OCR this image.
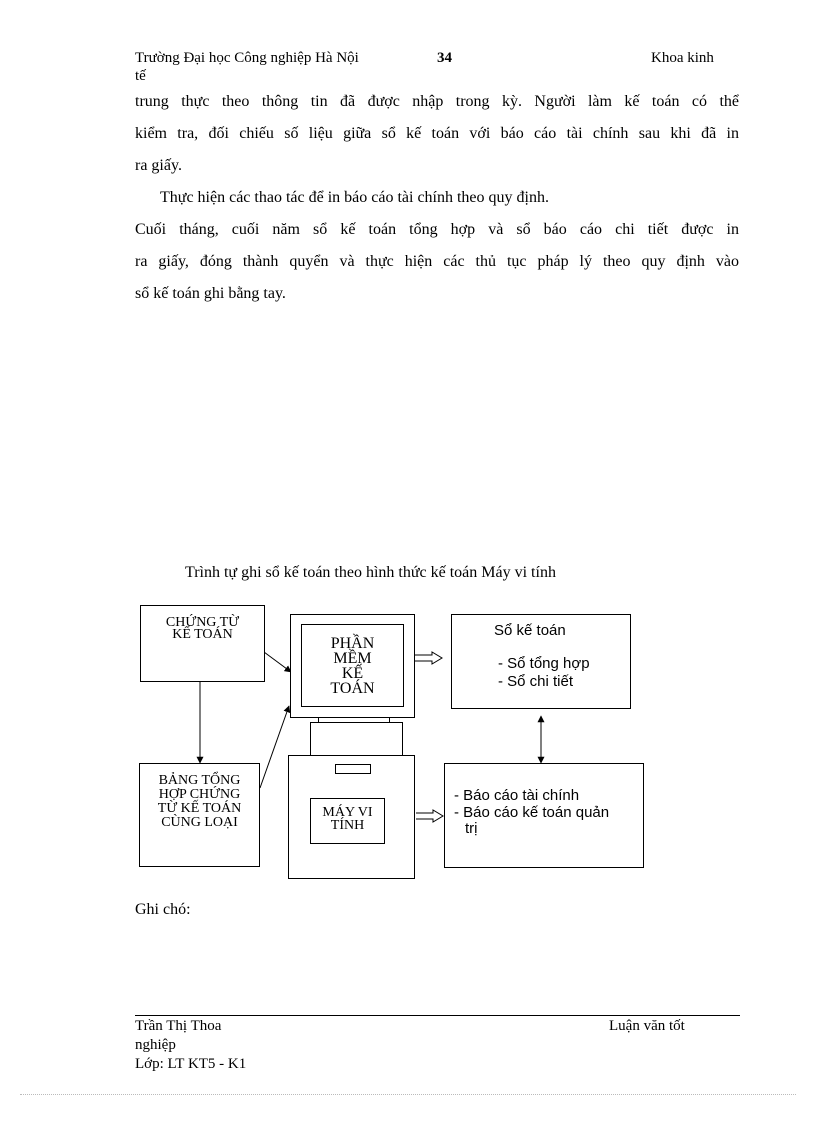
Trường Đại học Công nghiệp Hà Nội	34	Khoa kinh
tế
trung thực theo thông tin đã được nhập trong kỳ. Người làm kế toán có thể
kiểm tra, đối chiếu số liệu giữa sổ kế toán với báo cáo tài chính sau khi đã in
ra giấy.
Thực hiện các thao tác để in báo cáo tài chính theo quy định.
Cuối tháng, cuối năm sổ kế toán tổng hợp và sổ báo cáo chi tiết được in
ra giấy, đóng thành quyển và thực hiện các thủ tục pháp lý theo quy định vào
sổ kế toán ghi bằng tay.
Trình tự ghi sổ kế toán theo hình thức kế toán Máy vi tính
CHỨNG TỪ
KẾ TOÁN
BẢNG TỔNG
HỢP CHỨNG
TỪ KẾ TOÁN
CÙNG LOẠI
PHẦN
MỀM
KẾ
TOÁN
MÁY VI
TÍNH
Sổ kế toán
- Sổ tổng hợp
- Sổ chi tiết
- Báo cáo tài chính
- Báo cáo kế toán quản
trị
Ghi chó:
Trần Thị Thoa	Luận văn tốt
nghiệp
Lớp: LT KT5 - K1
